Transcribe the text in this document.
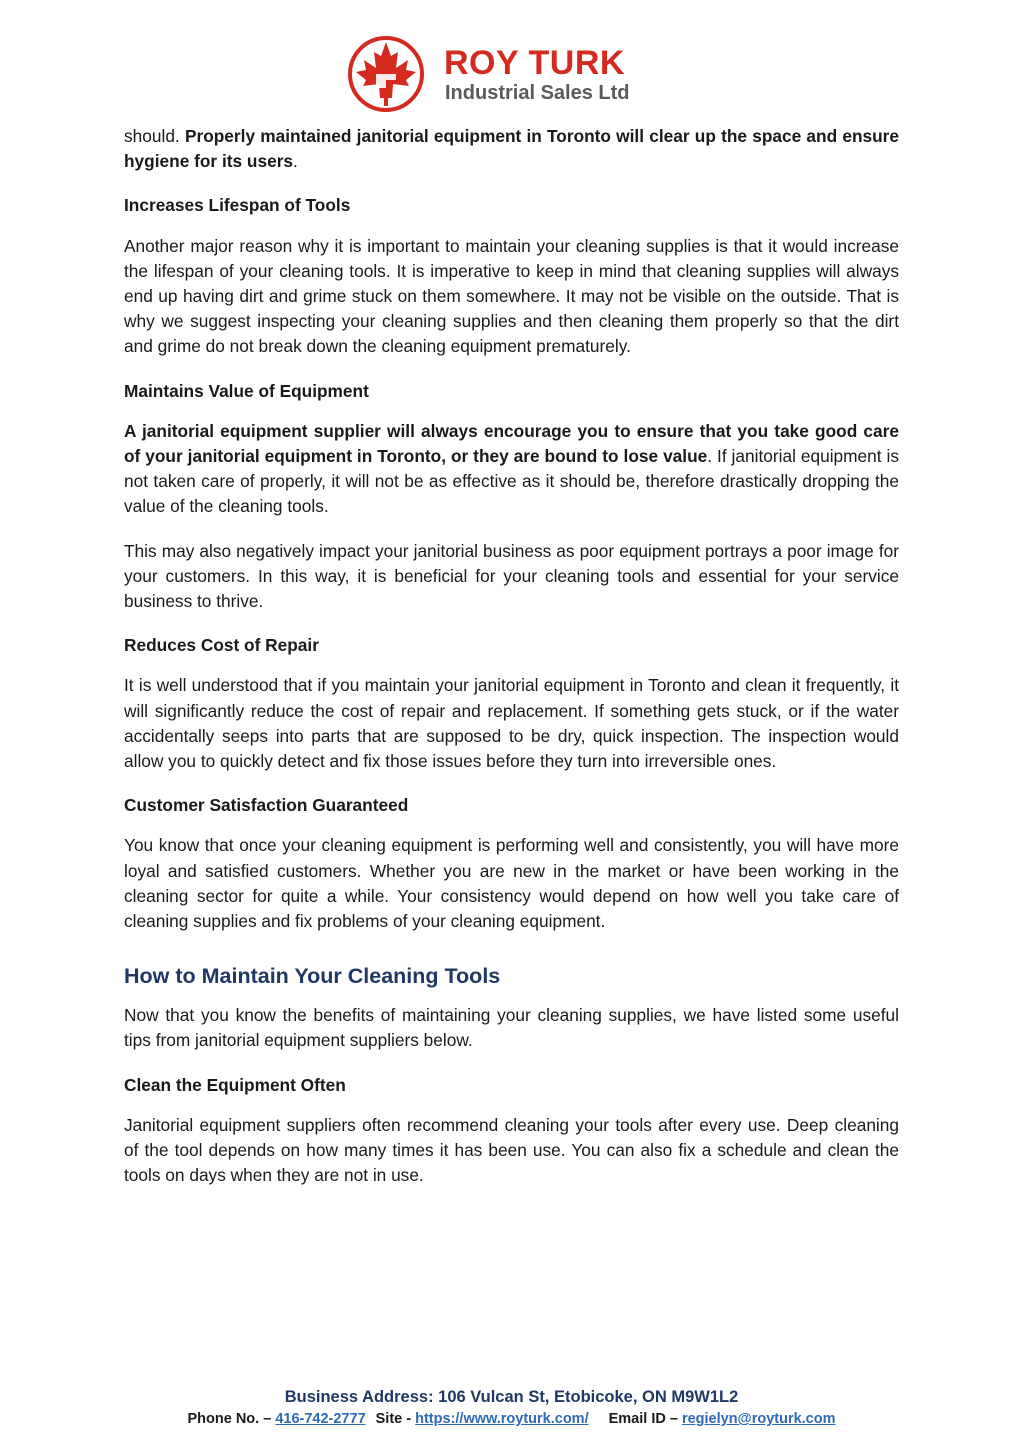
ROY TURK
Industrial Sales Ltd

should. Properly maintained janitorial equipment in Toronto will clear up the space and ensure hygiene for its users.

Increases Lifespan of Tools

Another major reason why it is important to maintain your cleaning supplies is that it would increase the lifespan of your cleaning tools. It is imperative to keep in mind that cleaning supplies will always end up having dirt and grime stuck on them somewhere. It may not be visible on the outside. That is why we suggest inspecting your cleaning supplies and then cleaning them properly so that the dirt and grime do not break down the cleaning equipment prematurely.

Maintains Value of Equipment

A janitorial equipment supplier will always encourage you to ensure that you take good care of your janitorial equipment in Toronto, or they are bound to lose value. If janitorial equipment is not taken care of properly, it will not be as effective as it should be, therefore drastically dropping the value of the cleaning tools.

This may also negatively impact your janitorial business as poor equipment portrays a poor image for your customers. In this way, it is beneficial for your cleaning tools and essential for your service business to thrive.

Reduces Cost of Repair

It is well understood that if you maintain your janitorial equipment in Toronto and clean it frequently, it will significantly reduce the cost of repair and replacement. If something gets stuck, or if the water accidentally seeps into parts that are supposed to be dry, quick inspection. The inspection would allow you to quickly detect and fix those issues before they turn into irreversible ones.

Customer Satisfaction Guaranteed

You know that once your cleaning equipment is performing well and consistently, you will have more loyal and satisfied customers. Whether you are new in the market or have been working in the cleaning sector for quite a while. Your consistency would depend on how well you take care of cleaning supplies and fix problems of your cleaning equipment.

How to Maintain Your Cleaning Tools

Now that you know the benefits of maintaining your cleaning supplies, we have listed some useful tips from janitorial equipment suppliers below.

Clean the Equipment Often

Janitorial equipment suppliers often recommend cleaning your tools after every use. Deep cleaning of the tool depends on how many times it has been use. You can also fix a schedule and clean the tools on days when they are not in use.

Business Address: 106 Vulcan St, Etobicoke, ON M9W1L2
Phone No. – 416-742-2777 Site - https://www.royturk.com/ Email ID – regielyn@royturk.com
